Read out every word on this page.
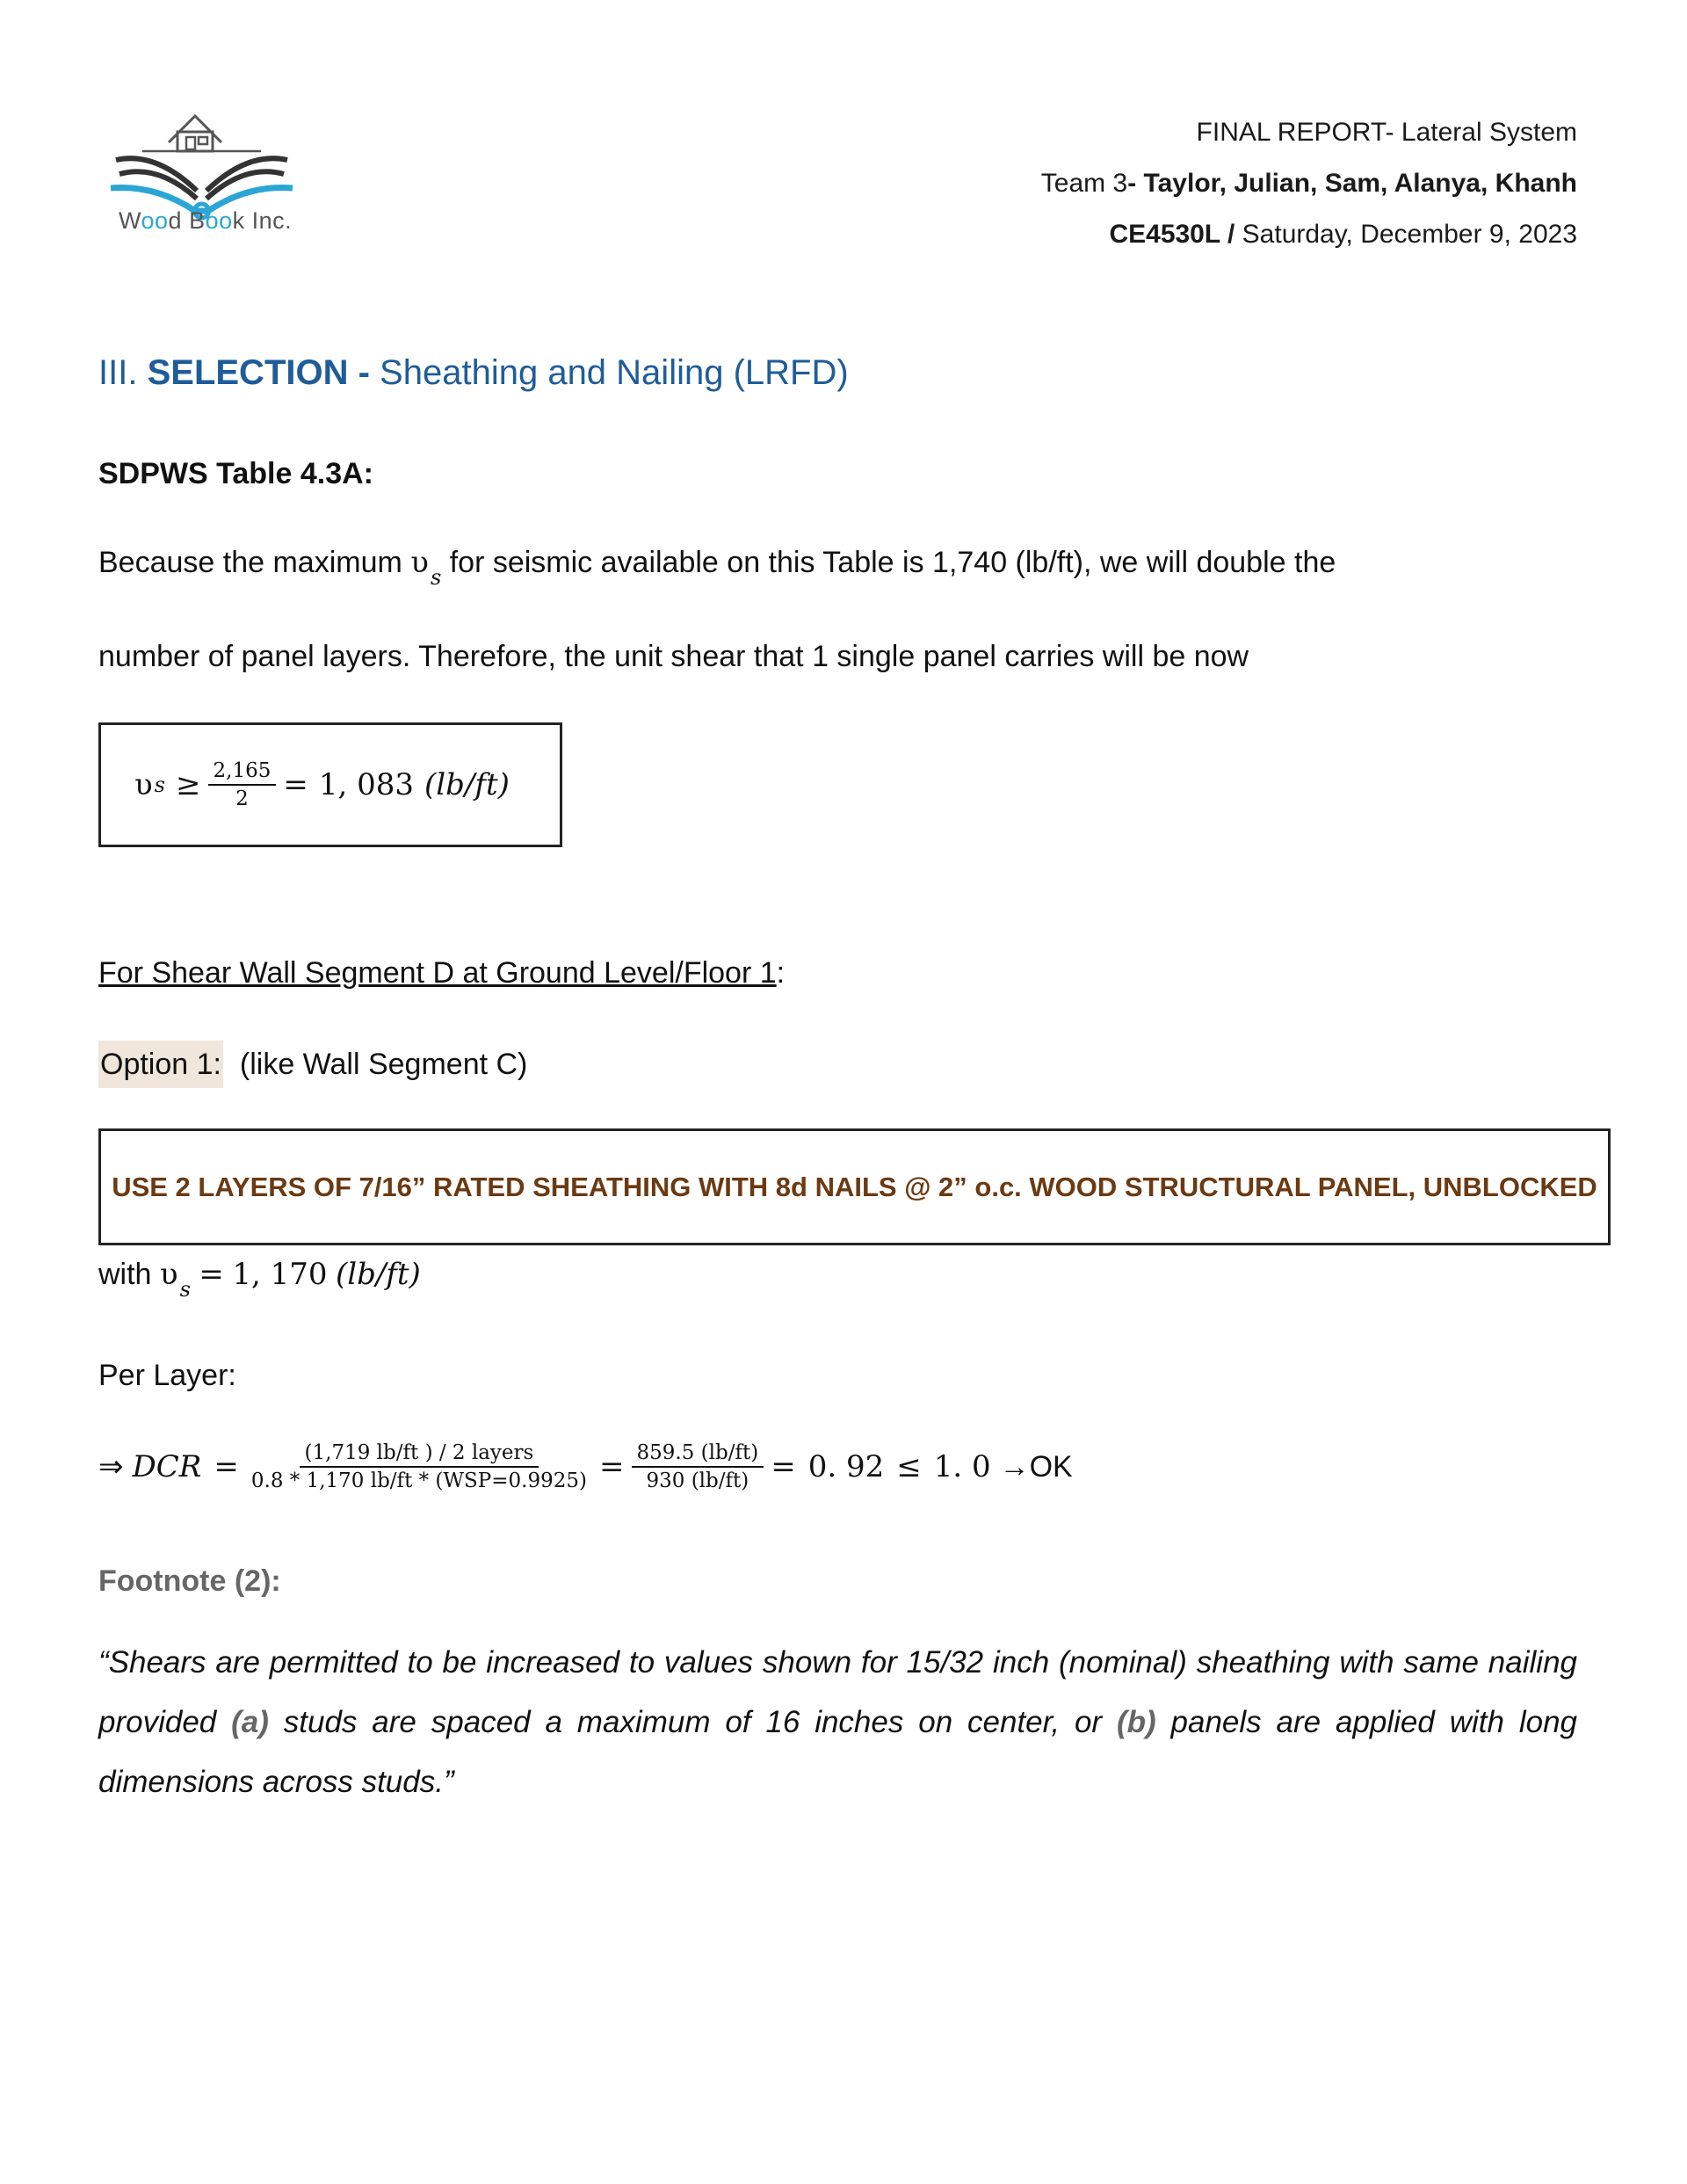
Wood Book Inc.
FINAL REPORT- Lateral System
Team 3- Taylor, Julian, Sam, Alanya, Khanh
CE4530L / Saturday, December 9, 2023
III. SELECTION - Sheathing and Nailing (LRFD)
SDPWS Table 4.3A:
Because the maximum $\upsilon_s$ for seismic available on this Table is 1,740 (lb/ft), we will double the
number of panel layers. Therefore, the unit shear that 1 single panel carries will be now
υ $s \ge \frac{2,165}{2} = 1$, 083 (lb/ft)
For Shear Wall Segment D at Ground Level/Floor 1:
Option 1: (like Wall Segment C)
USE 2 LAYERS OF 7/16” RATED SHEATHING WITH 8d NAILS @ 2” o.c. WOOD STRUCTURAL PANEL, UNBLOCKED
with $\upsilon_s = 1$, 170 (lb/ft)
Per Layer:
⇒ DCR = $\frac{\text{(1,719 lb/ft ) / 2 layers}}{\text{0.8 * 1,170 lb/ft * (WSP=0.9925)}} = \frac{859.5 (lb/ft)}{930 (lb/ft)} = 0$. 92 ≤ 1. 0 → OK
Footnote (2):
“Shears are permitted to be increased to values shown for 15/32 inch (nominal) sheathing with same nailing provided (a) studs are spaced a maximum of 16 inches on center, or (b) panels are applied with long dimensions across studs.”
